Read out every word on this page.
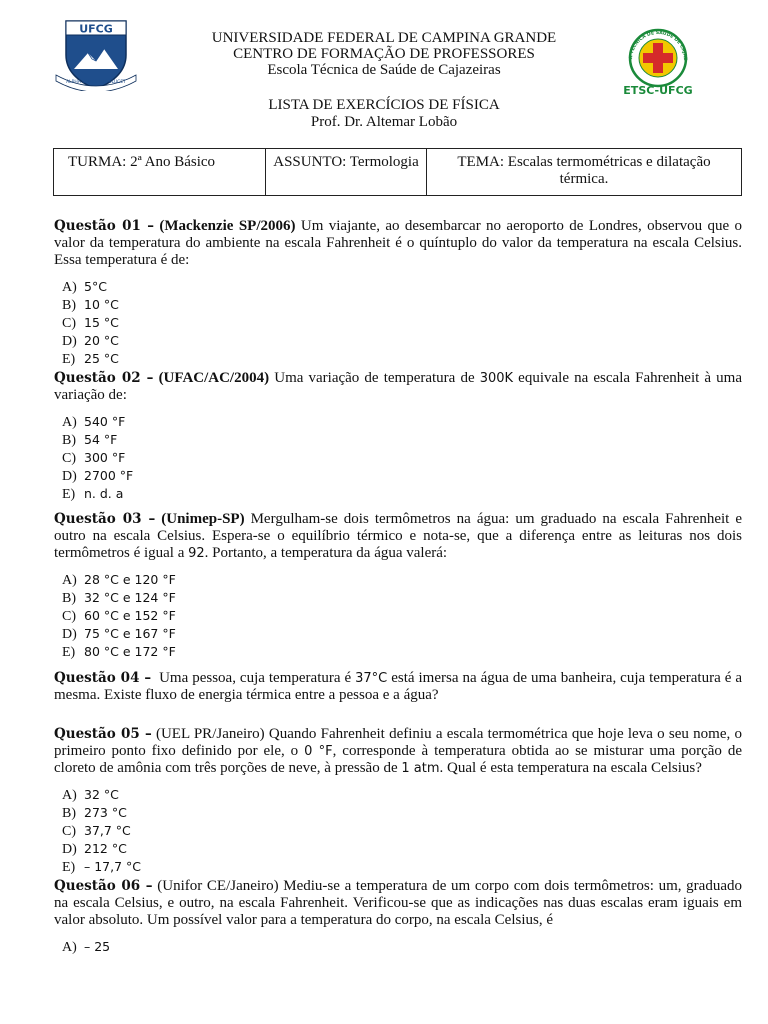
UFCG
ALPHA OMNIS LUX ELUCET
UNIVERSIDADE FEDERAL DE CAMPINA GRANDE
CENTRO DE FORMAÇÃO DE PROFESSORES
Escola Técnica de Saúde de Cajazeiras
A TÉCNICA DE SAÚDE DE CAJAZ
ETSC-UFCG
LISTA DE EXERCÍCIOS DE FÍSICA
Prof. Dr. Altemar Lobão
TURMA: 2ª Ano Básico	ASSUNTO: Termologia	TEMA: Escalas termométricas e dilatação térmica.

Questão 01 – (Mackenzie SP/2006) Um viajante, ao desembarcar no aeroporto de Londres, observou que o valor da temperatura do ambiente na escala Fahrenheit é o quíntuplo do valor da temperatura na escala Celsius. Essa temperatura é de:

A) 5°C
B) 10 °C
C) 15 °C
D) 20 °C
E) 25 °C

Questão 02 – (UFAC/AC/2004) Uma variação de temperatura de 300K equivale na escala Fahrenheit à uma variação de:

A) 540 °F
B) 54 °F
C) 300 °F
D) 2700 °F
E) n. d. a

Questão 03 – (Unimep-SP) Mergulham-se dois termômetros na água: um graduado na escala Fahrenheit e outro na escala Celsius. Espera-se o equilíbrio térmico e nota-se, que a diferença entre as leituras nos dois termômetros é igual a 92. Portanto, a temperatura da água valerá:

A) 28 °C e 120 °F
B) 32 °C e 124 °F
C) 60 °C e 152 °F
D) 75 °C e 167 °F
E) 80 °C e 172 °F

Questão 04 – Uma pessoa, cuja temperatura é 37°C está imersa na água de uma banheira, cuja temperatura é a mesma. Existe fluxo de energia térmica entre a pessoa e a água?

Questão 05 – (UEL PR/Janeiro) Quando Fahrenheit definiu a escala termométrica que hoje leva o seu nome, o primeiro ponto fixo definido por ele, o 0 °F, corresponde à temperatura obtida ao se misturar uma porção de cloreto de amônia com três porções de neve, à pressão de 1 atm. Qual é esta temperatura na escala Celsius?

A) 32 °C
B) 273 °C
C) 37,7 °C
D) 212 °C
E) – 17,7 °C

Questão 06 – (Unifor CE/Janeiro) Mediu-se a temperatura de um corpo com dois termômetros: um, graduado na escala Celsius, e outro, na escala Fahrenheit. Verificou-se que as indicações nas duas escalas eram iguais em valor absoluto. Um possível valor para a temperatura do corpo, na escala Celsius, é

A) – 25
